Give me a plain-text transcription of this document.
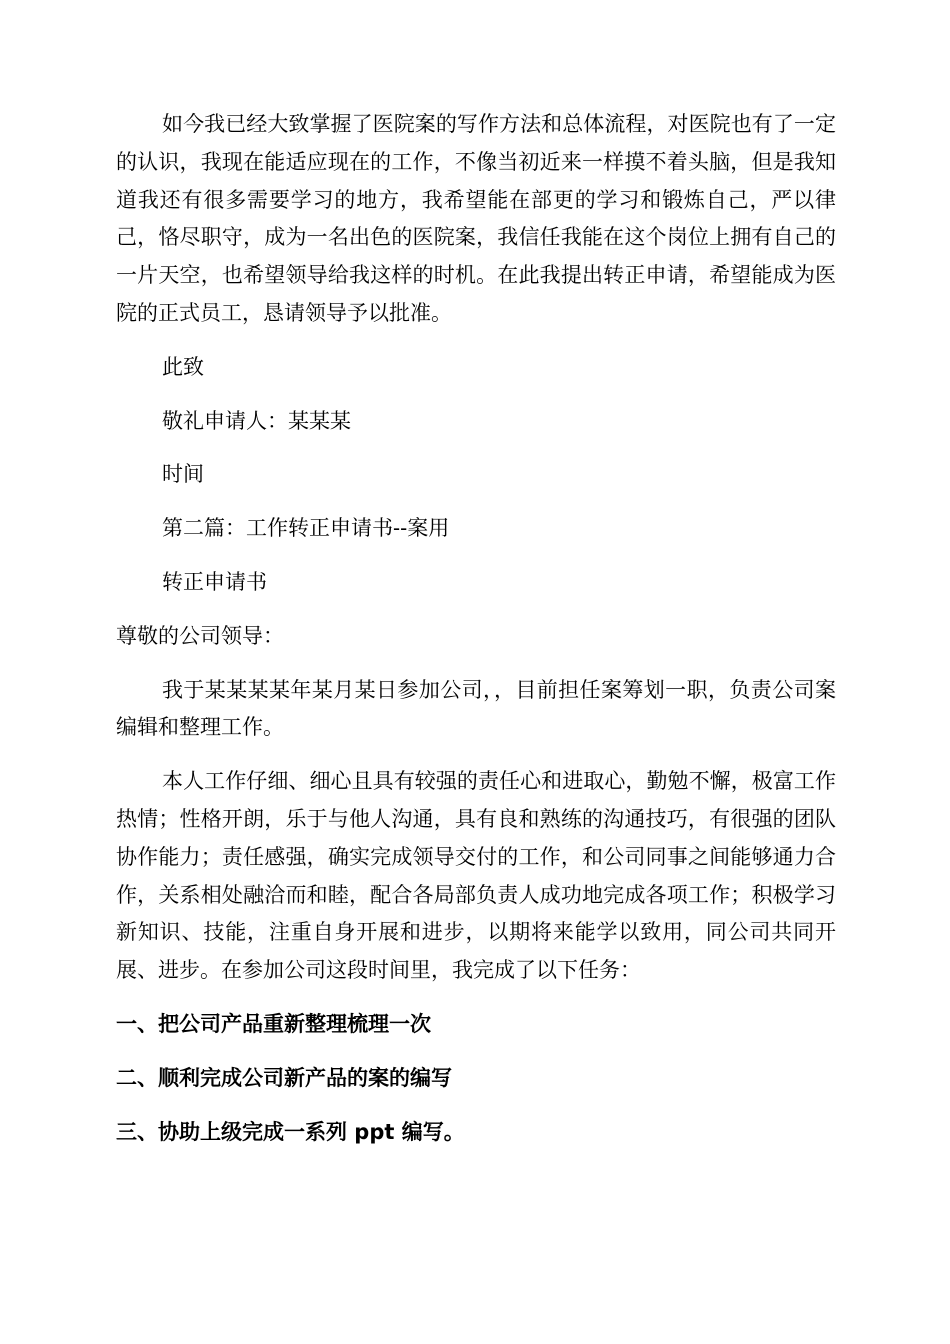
如今我已经大致掌握了医院案的写作方法和总体流程，对医院也有了一定的认识，我现在能适应现在的工作，不像当初近来一样摸不着头脑，但是我知道我还有很多需要学习的地方，我希望能在部更的学习和锻炼自己，严以律己，恪尽职守，成为一名出色的医院案，我信任我能在这个岗位上拥有自己的一片天空，也希望领导给我这样的时机。在此我提出转正申请，希望能成为医院的正式员工，恳请领导予以批准。

此致

敬礼申请人：某某某

时间

第二篇：工作转正申请书--案用

转正申请书

尊敬的公司领导：

我于某某某某年某月某日参加公司，，目前担任案筹划一职，负责公司案编辑和整理工作。

本人工作仔细、细心且具有较强的责任心和进取心，勤勉不懈，极富工作热情；性格开朗，乐于与他人沟通，具有良和熟练的沟通技巧，有很强的团队协作能力；责任感强，确实完成领导交付的工作，和公司同事之间能够通力合作，关系相处融洽而和睦，配合各局部负责人成功地完成各项工作；积极学习新知识、技能，注重自身开展和进步，以期将来能学以致用，同公司共同开展、进步。在参加公司这段时间里，我完成了以下任务：

一、把公司产品重新整理梳理一次

二、顺利完成公司新产品的案的编写

三、协助上级完成一系列 ppt 编写。
